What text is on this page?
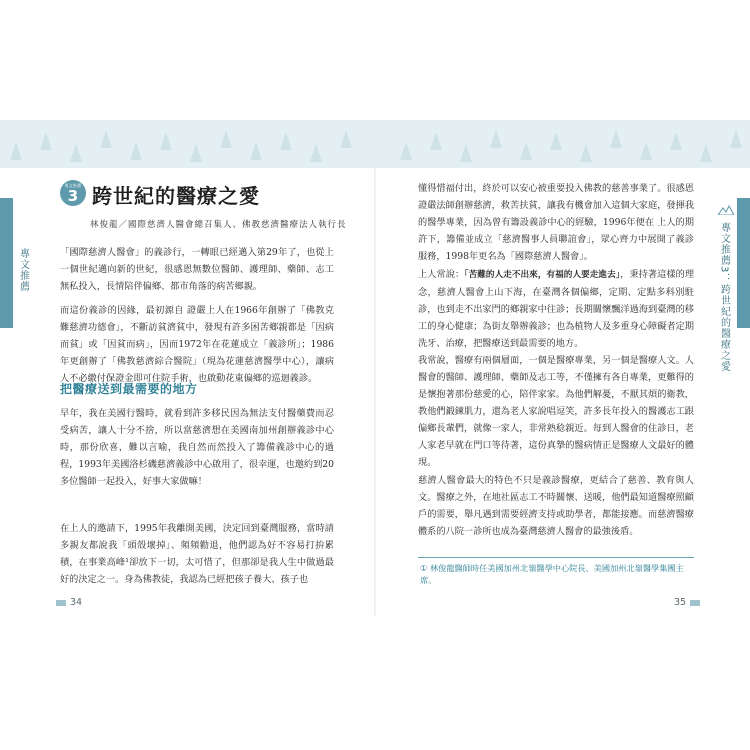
專文推薦	專文推薦3：跨世紀的醫療之愛
專文推薦
3 跨世紀的醫療之愛
林俊龍／國際慈濟人醫會總召集人、佛教慈濟醫療法人執行長

「國際慈濟人醫會」的義診行，一轉眼已經邁入第29年了，也從上一個世紀邁向新的世紀，很感恩無數位醫師、護理師、藥師、志工無私投入，長情陪伴偏鄉、都市角落的病苦鄉親。

而這份義診的因緣，最初源自 證嚴上人在1966年創辦了「佛教克難慈濟功德會」，不斷訪貧濟貧中，發現有許多困苦鄉親都是「因病而貧」或「因貧而病」，因而1972年在花蓮成立「義診所」；1986年更創辦了「佛教慈濟綜合醫院」（現為花蓮慈濟醫學中心），讓病人不必繳付保證金即可住院手術，也啟動花東偏鄉的巡迴義診。

把醫療送到最需要的地方

早年，我在美國行醫時，就看到許多移民因為無法支付醫藥費而忍受病苦，讓人十分不捨，所以當慈濟想在美國南加州創辦義診中心時，那份欣喜，難以言喻，我自然而然投入了籌備義診中心的過程，1993年美國洛杉磯慈濟義診中心啟用了，很幸運，也邀約到20多位醫師一起投入，好事大家做嘛！

在上人的邀請下，1995年我離開美國，決定回到臺灣服務，當時請多親友都說我「頭殼壞掉」、頻頻勸退，他們認為好不容易打拚累積，在事業高峰¹卻放下一切，太可惜了，但那卻是我人生中做過最好的決定之一。身為佛教徒，我認為已經把孩子養大、孩子也

懂得惜福付出，終於可以安心被重要投入佛教的慈善事業了。很感恩證嚴法師創辦慈濟，救苦扶貧，讓我有機會加入這個大家庭，發揮我的醫學專業，因為曾有籌設義診中心的經驗，1996年便在 上人的期許下，籌備並成立「慈濟醫事人員聯誼會」，眾心齊力中展開了義診服務，1998年更名為「國際慈濟人醫會」。

上人常說：「苦難的人走不出來，有福的人要走進去」，秉持著這樣的理念，慈濟人醫會上山下海，在臺灣各個偏鄉，定期、定點多科別駐診，也到走不出家門的鄉親家中往診；長期關懷飄洋過海到臺灣的移工的身心健康；為街友舉辦義診；也為植物人及多重身心障礙者定期洗牙、治療，把醫療送到最需要的地方。

我常說，醫療有兩個層面，一個是醫療專業，另一個是醫療人文。人醫會的醫師、護理師、藥師及志工等，不僅擁有各自專業，更難得的是懷抱著那份慈愛的心，陪伴家家。為他們解憂，不厭其煩的衛教，教他們鍛鍊肌力，還為老人家說唱逗笑，許多長年投入的醫護志工跟偏鄉長輩們，就像一家人，非常熟稔親近。每到人醫會的住診日，老人家老早就在門口等待著，這份真摯的醫病情正是醫療人文最好的體現。

慈濟人醫會最大的特色不只是義診醫療，更結合了慈善、教育與人文。醫療之外，在地社區志工不時關懷、送暖，他們最知道醫療照顧戶的需要，舉凡遇到需要經濟支持或助學者，都能接應。而慈濟醫療體系的八院一診所也成為臺灣慈濟人醫會的最強後盾。

① 林俊龍醫師時任美國加州北嶺醫學中心院長、美國加州北嶺醫學集團主席。
34	35
